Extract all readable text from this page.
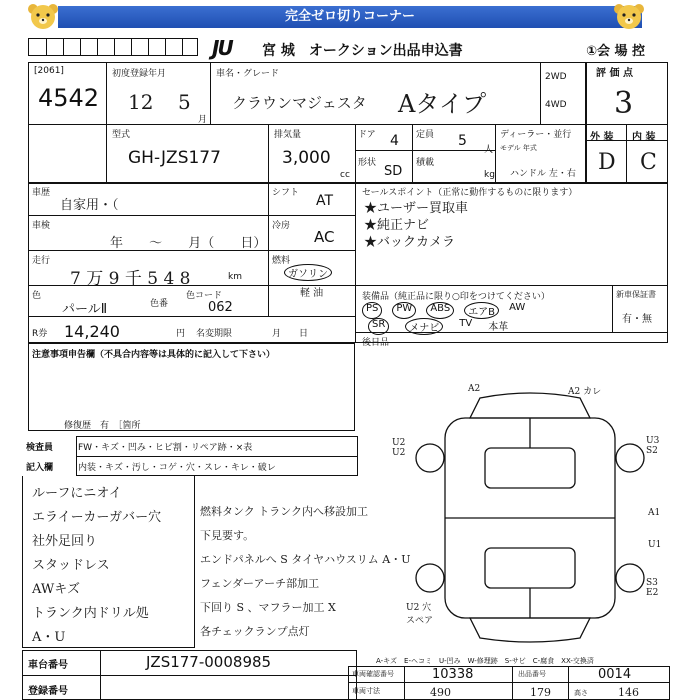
完全ゼロ切りコーナー
JU 宮 城　オークション出品申込書	①会 場 控
[2061]
4542
初度登録年月
12 5
月
車名・グレード
クラウンマジェスタ Aタイプ
2WD
4WD
評 価 点
3
型式
GH-JZS177
排気量
3,000
cc
ドア 4 定員 5
人
形状
SD
積載
kg
ディーラー・並行
モデル 年式
ハンドル 左・右
外 装 内 装
D C
車歴
自家用・（
シフト AT
車検
年 〜 月（ 日）
冷房
AC
走行
7 万 9 千 5 4 8	km
燃料
ガソリン
軽 油
色
パールⅡ	色番
色コード
062
R券 14,240	円 名変期限	月　　日
セールスポイント（正常に動作するものに限ります）
★ユーザー買取車
★純正ナビ
★バックカメラ
装備品（純正品に限り○印をつけてください）
PS	PW	ABS	エアB	AW
SR	メナビ	TV 本革
新車保証書
有・無
後日品
注意事項申告欄（不具合内容等は具体的に記入して下さい）
修復歴　有　［箇所
検査員	FW・キズ・凹み・ヒビ割・リペア跡・×表
記入欄	内装・キズ・汚し・コゲ・穴・スレ・キレ・破レ
ルーフにニオイ
エライーカーガバー穴
社外足回り
スタッドレス
AWキズ
トランク内ドリル処
A・U
燃料タンク トランク内へ移設加工
下見要す。
エンドパネルへ S タイヤハウスリム A・U
フェンダーアーチ部加工
下回り S 、マフラー加工 X
各チェックランプ点灯
A2	A2 カレ
U2 U2
U3 S2
A1
U1
S3 E2
U2 穴 スペア
車台番号	JZS177-0008985
登録番号
A-キズ　E-ヘコミ　U-凹み　W-修理跡　S-サビ　C-腐食　XX-交換済
車両確認番号	10338	出品番号	0014
車両寸法	490	179	高さ	146
